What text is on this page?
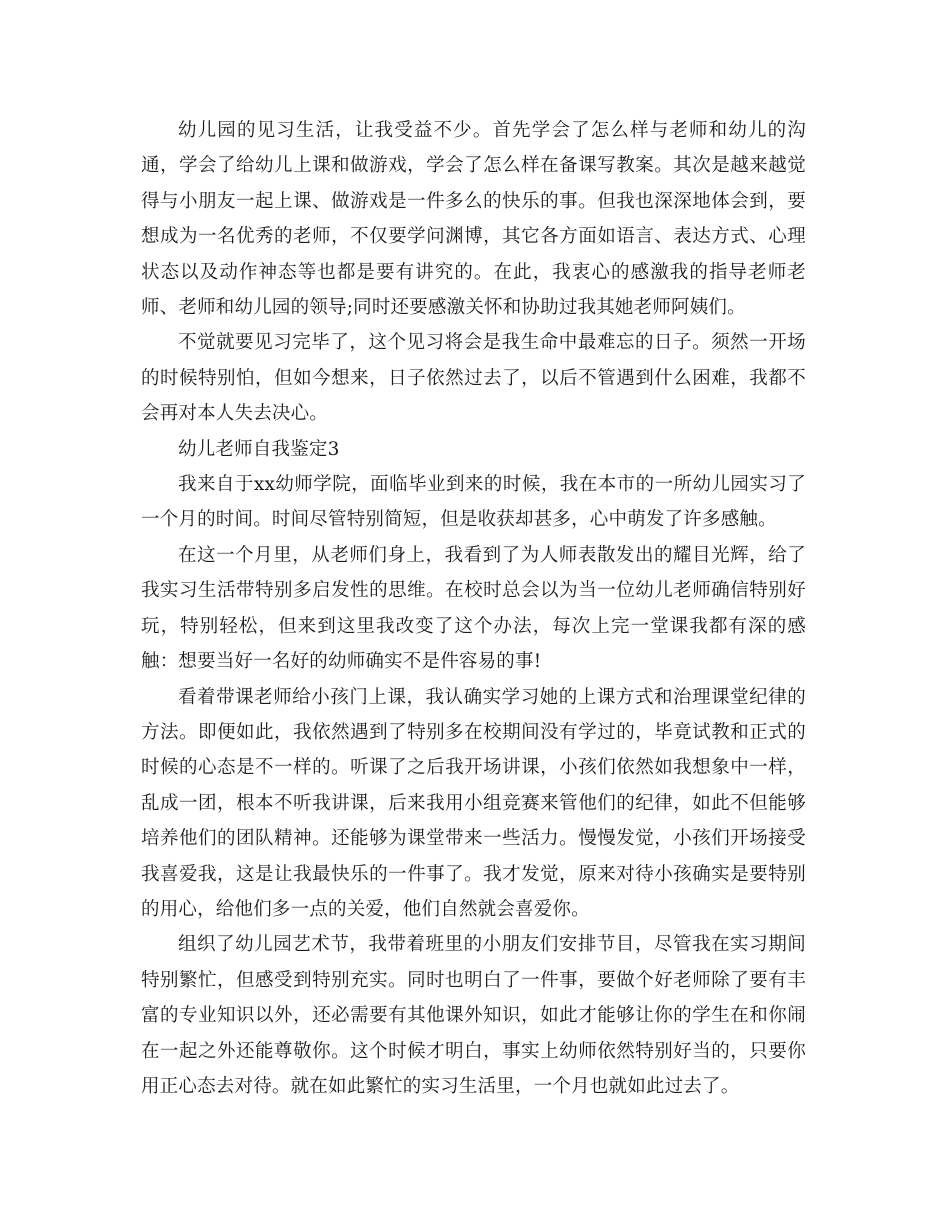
幼儿园的见习生活，让我受益不少。首先学会了怎么样与老师和幼儿的沟通，学会了给幼儿上课和做游戏，学会了怎么样在备课写教案。其次是越来越觉得与小朋友一起上课、做游戏是一件多么的快乐的事。但我也深深地体会到，要想成为一名优秀的老师，不仅要学问渊博，其它各方面如语言、表达方式、心理状态以及动作神态等也都是要有讲究的。在此，我衷心的感激我的指导老师老师、老师和幼儿园的领导;同时还要感激关怀和协助过我其她老师阿姨们。

不觉就要见习完毕了，这个见习将会是我生命中最难忘的日子。须然一开场的时候特别怕，但如今想来，日子依然过去了，以后不管遇到什么困难，我都不会再对本人失去决心。

幼儿老师自我鉴定3

我来自于xx幼师学院，面临毕业到来的时候，我在本市的一所幼儿园实习了一个月的时间。时间尽管特别简短，但是收获却甚多，心中萌发了许多感触。

在这一个月里，从老师们身上，我看到了为人师表散发出的耀目光辉，给了我实习生活带特别多启发性的思维。在校时总会以为当一位幼儿老师确信特别好玩，特别轻松，但来到这里我改变了这个办法，每次上完一堂课我都有深的感触：想要当好一名好的幼师确实不是件容易的事!

看着带课老师给小孩门上课，我认确实学习她的上课方式和治理课堂纪律的方法。即便如此，我依然遇到了特别多在校期间没有学过的，毕竟试教和正式的时候的心态是不一样的。听课了之后我开场讲课，小孩们依然如我想象中一样，乱成一团，根本不听我讲课，后来我用小组竞赛来管他们的纪律，如此不但能够培养他们的团队精神。还能够为课堂带来一些活力。慢慢发觉，小孩们开场接受我喜爱我，这是让我最快乐的一件事了。我才发觉，原来对待小孩确实是要特别的用心，给他们多一点的关爱，他们自然就会喜爱你。

组织了幼儿园艺术节，我带着班里的小朋友们安排节目，尽管我在实习期间特别繁忙，但感受到特别充实。同时也明白了一件事，要做个好老师除了要有丰富的专业知识以外，还必需要有其他课外知识，如此才能够让你的学生在和你闹在一起之外还能尊敬你。这个时候才明白，事实上幼师依然特别好当的，只要你用正心态去对待。就在如此繁忙的实习生活里，一个月也就如此过去了。
